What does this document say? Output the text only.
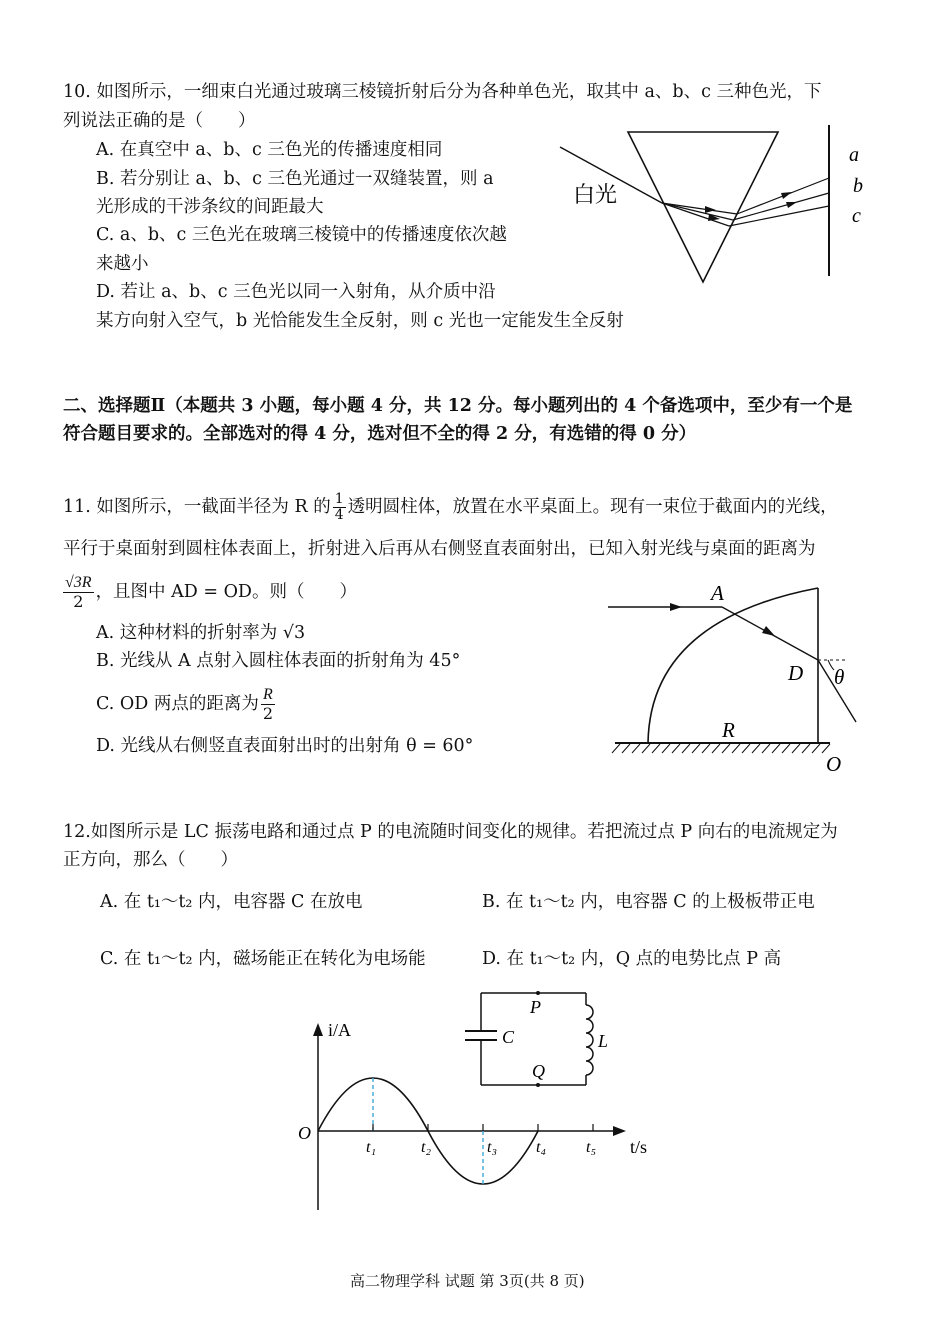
10. 如图所示，一细束白光通过玻璃三棱镜折射后分为各种单色光，取其中 a、b、c 三种色光，下
列说法正确的是（　　）
A. 在真空中 a、b、c 三色光的传播速度相同
B. 若分别让 a、b、c 三色光通过一双缝装置，则 a
光形成的干涉条纹的间距最大
C. a、b、c 三色光在玻璃三棱镜中的传播速度依次越
来越小
D. 若让 a、b、c 三色光以同一入射角，从介质中沿
某方向射入空气，b 光恰能发生全反射，则 c 光也一定能发生全反射
白光
a
b
c
二、选择题Ⅱ（本题共 3 小题，每小题 4 分，共 12 分。每小题列出的 4 个备选项中，至少有一个是
符合题目要求的。全部选对的得 4 分，选对但不全的得 2 分，有选错的得 0 分）
11. 如图所示，一截面半径为 R 的 $\frac{1}{4}$ 透明圆柱体，放置在水平桌面上。现有一束位于截面内的光线，
平行于桌面射到圆柱体表面上，折射进入后再从右侧竖直表面射出，已知入射光线与桌面的距离为
$\frac{√3R}{2}$ ，且图中 AD = OD。则（　　）
A. 这种材料的折射率为 √3
B. 光线从 A 点射入圆柱体表面的折射角为 45°
C. OD 两点的距离为 $\frac{R}{2}$
D. 光线从右侧竖直表面射出时的出射角 θ = 60°
A
D θ
R
O
12.如图所示是 LC 振荡电路和通过点 P 的电流随时间变化的规律。若把流过点 P 向右的电流规定为
正方向，那么（　　）
A. 在 t₁～t₂ 内，电容器 C 在放电	B. 在 t₁～t₂ 内，电容器 C 的上极板带正电
C. 在 t₁～t₂ 内，磁场能正在转化为电场能	D. 在 t₁～t₂ 内，Q 点的电势比点 P 高
P
Q
C	L
i/A
t/s
O
t₁	t₂	t₃ t₄ t₅
高二物理学科 试题 第 3页(共 8 页)
